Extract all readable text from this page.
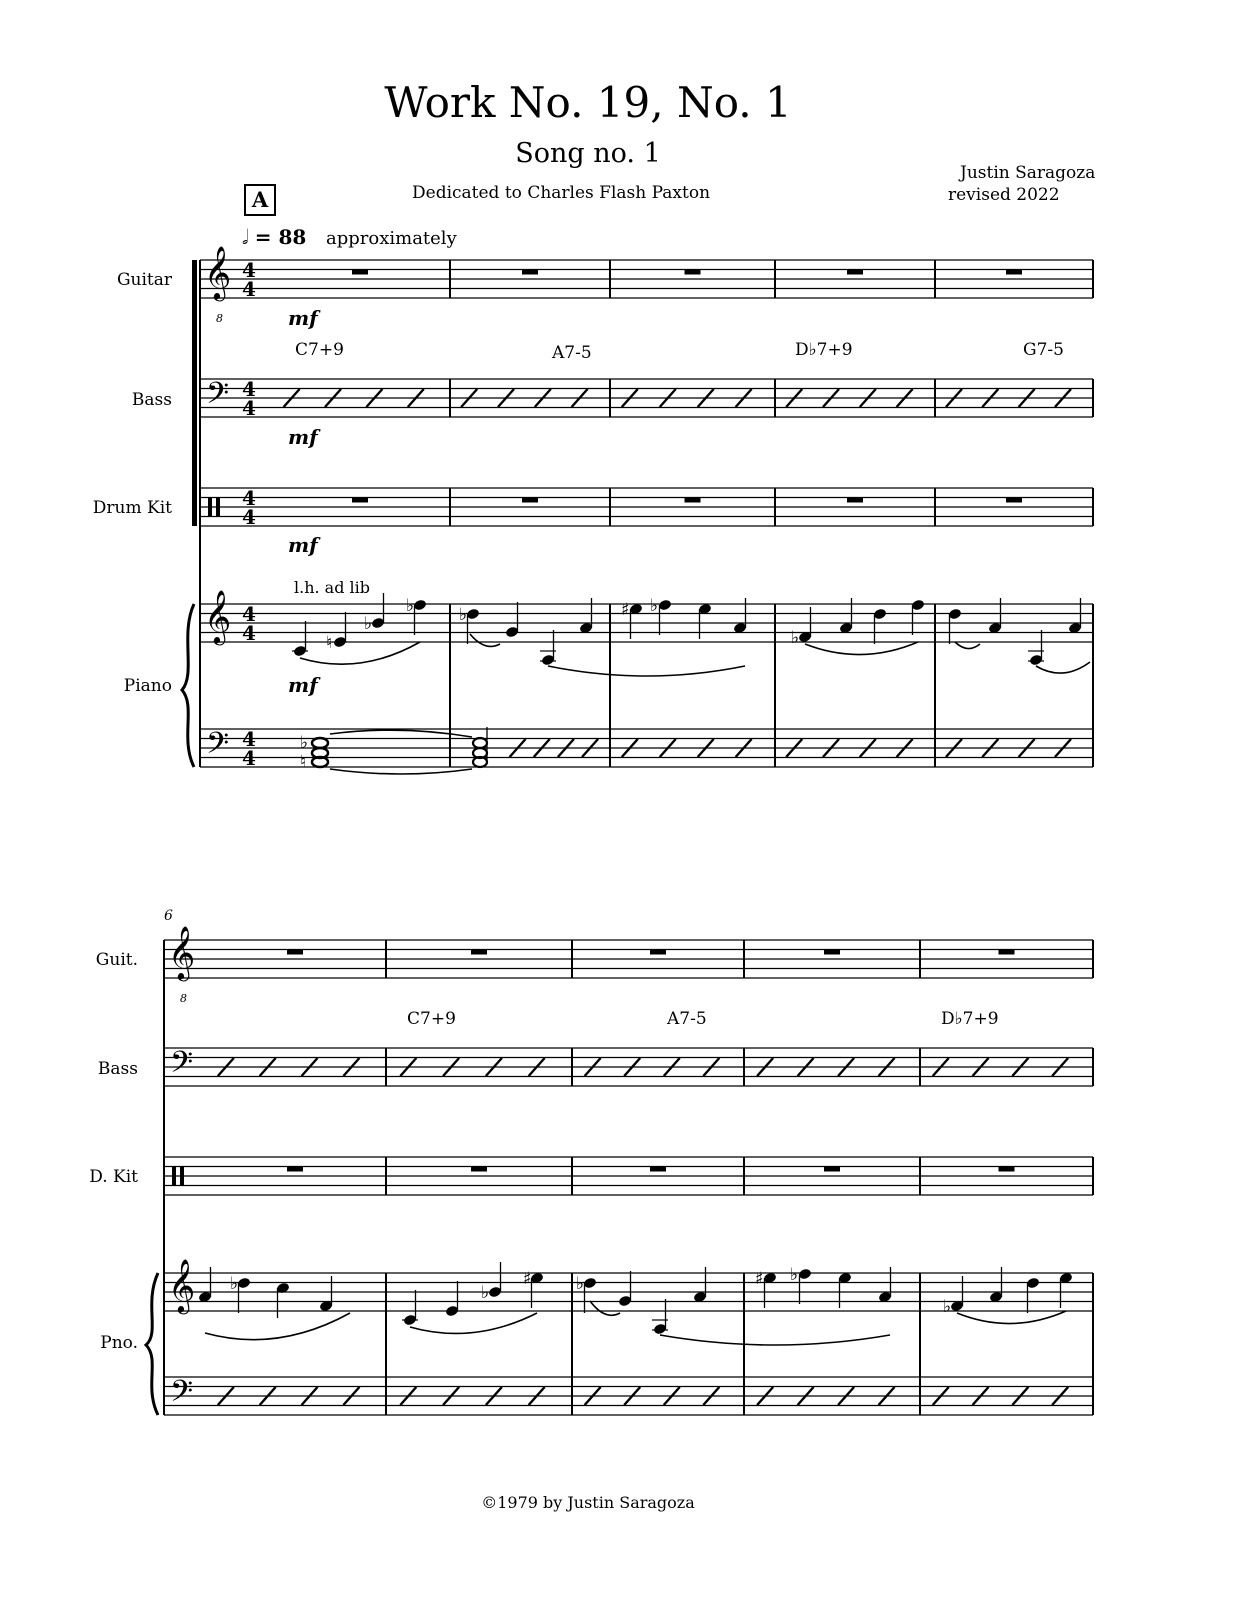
Work No. 19, No. 1
Song no. 1
Dedicated to Charles Flash Paxton
Justin Saragoza
revised 2022
A
𝅗𝅥 = 88 approximately
Guitar
Bass
Drum Kit
Piano
mf
mf
mf
mf
l.h. ad lib
C7+9	A7-5	D♭7+9	G7-5
6
Guit.
Bass
D. Kit
Pno.
C7+9	A7-5	D♭7+9
©1979 by Justin Saragoza
𝄞
8
𝄢
𝄞
𝄢
4
4
4
4
4
4
4
4
4
4
♭
♮
♮
♭
♭	♭	♯ ♭
♭
𝄞
8
𝄢
𝄞
𝄢
♭	♭
♯	♭	♯ ♭
♭
